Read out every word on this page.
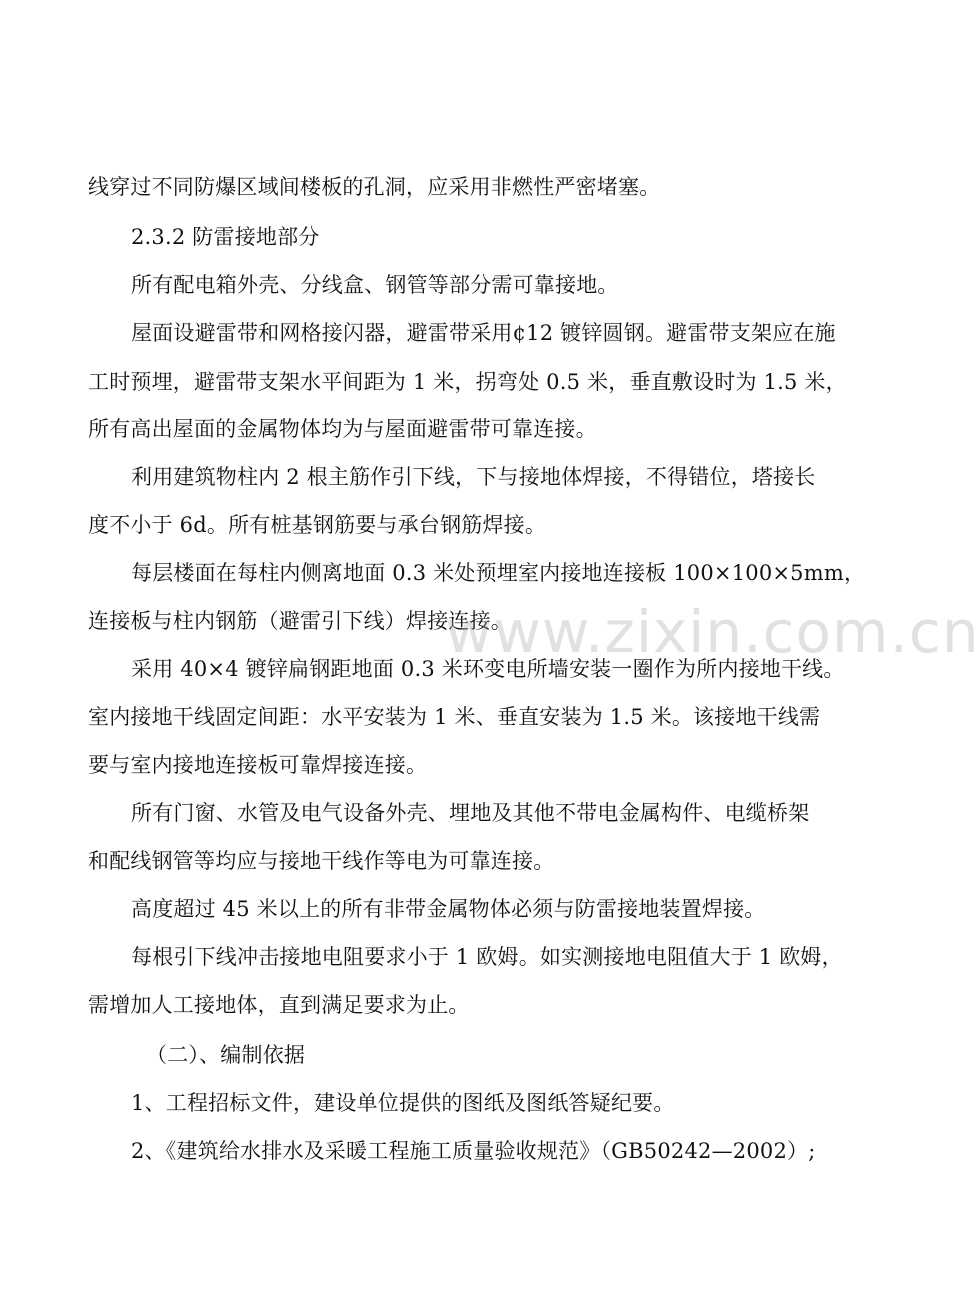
线穿过不同防爆区域间楼板的孔洞，应采用非燃性严密堵塞。
2.3.2 防雷接地部分
所有配电箱外壳、分线盒、钢管等部分需可靠接地。
屋面设避雷带和网格接闪器，避雷带采用¢12 镀锌圆钢。避雷带支架应在施
工时预埋，避雷带支架水平间距为 1 米，拐弯处 0.5 米，垂直敷设时为 1.5 米，
所有高出屋面的金属物体均为与屋面避雷带可靠连接。
利用建筑物柱内 2 根主筋作引下线，下与接地体焊接，不得错位，塔接长
度不小于 6d。所有桩基钢筋要与承台钢筋焊接。
每层楼面在每柱内侧离地面 0.3 米处预埋室内接地连接板 100×100×5mm，
连接板与柱内钢筋（避雷引下线）焊接连接。
采用 40×4 镀锌扁钢距地面 0.3 米环变电所墙安装一圈作为所内接地干线。
室内接地干线固定间距：水平安装为 1 米、垂直安装为 1.5 米。该接地干线需
要与室内接地连接板可靠焊接连接。
所有门窗、水管及电气设备外壳、埋地及其他不带电金属构件、电缆桥架
和配线钢管等均应与接地干线作等电为可靠连接。
高度超过 45 米以上的所有非带金属物体必须与防雷接地装置焊接。
每根引下线冲击接地电阻要求小于 1 欧姆。如实测接地电阻值大于 1 欧姆，
需增加人工接地体，直到满足要求为止。
（二）、编制依据
1、工程招标文件，建设单位提供的图纸及图纸答疑纪要。
2、《建筑给水排水及采暖工程施工质量验收规范》（GB50242—2002）;
www.zixin.com.cn
